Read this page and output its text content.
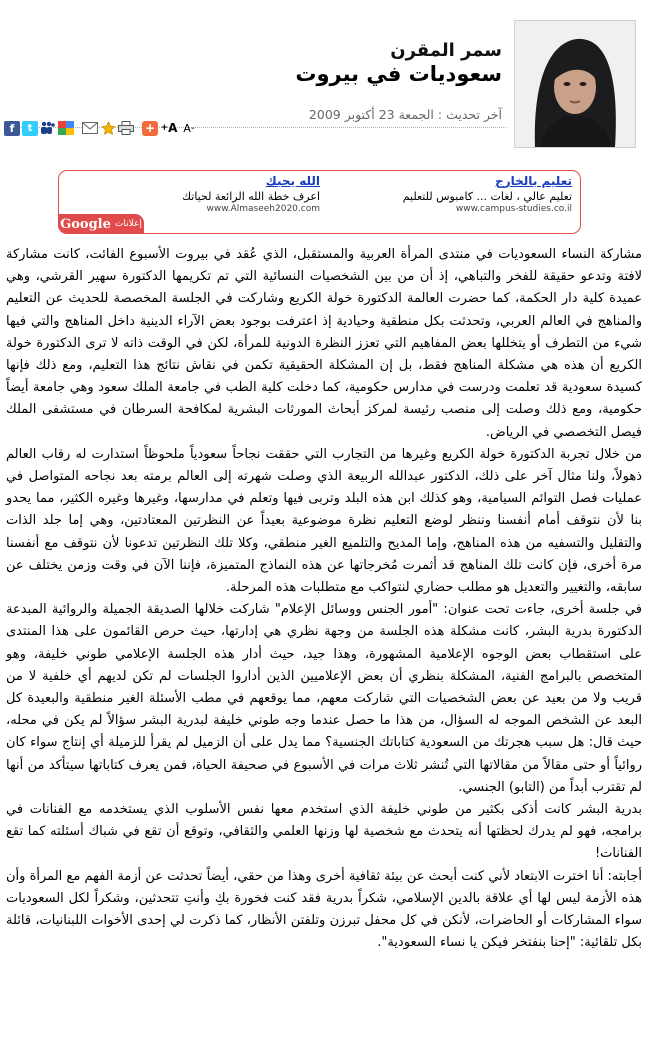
سمر المقرن
سعوديات في بيروت
آخر تحديث : الجمعة 23 أكتوبر 2009
f	t	+ + A A -
تعليم بالخارج
تعليم عالي ، لغات ... كامبوس للتعليم
www.campus-studies.co.il
الله يحبك
اعرف خطة الله الرائعة لحياتك
www.Almaseeh2020.com
Google إعلانات

مشاركة النساء السعوديات في منتدى المرأة العربية والمستقبل، الذي عُقد في بيروت الأسبوع الفائت، كانت مشاركة لافتة وتدعو حقيقة للفخر والتباهي، إذ أن من بين الشخصيات النسائية التي تم تكريمها الدكتورة سهير القرشي، وهي عميدة كلية دار الحكمة، كما حضرت العالمة الدكتورة خولة الكريع وشاركت في الجلسة المخصصة للحديث عن التعليم والمناهج في العالم العربي، وتحدثت بكل منطقية وحيادية إذ اعترفت بوجود بعض الآراء الدينية داخل المناهج والتي فيها شيء من التطرف أو يتخللها بعض المفاهيم التي تعزز النظرة الدونية للمرأة، لكن في الوقت ذاته لا ترى الدكتورة خولة الكريع أن هذه هي مشكلة المناهج فقط، بل إن المشكلة الحقيقية تكمن في نقاش نتائج هذا التعليم، ومع ذلك فإنها كسيدة سعودية قد تعلمت ودرست في مدارس حكومية، كما دخلت كلية الطب في جامعة الملك سعود وهي جامعة أيضاً حكومية، ومع ذلك وصلت إلى منصب رئيسة لمركز أبحاث المورثات البشرية لمكافحة السرطان في مستشفى الملك فيصل التخصصي في الرياض.

من خلال تجربة الدكتورة خولة الكريع وغيرها من التجارب التي حققت نجاحاً سعودياً ملحوظاً استدارت له رقاب العالم ذهولاً، ولنا مثال آخر على ذلك، الدكتور عبدالله الربيعة الذي وصلت شهرته إلى العالم برمته بعد نجاحه المتواصل في عمليات فصل التوائم السيامية، وهو كذلك ابن هذه البلد وتربى فيها وتعلم في مدارسها، وغيرها وغيره الكثير، مما يحدو بنا لأن نتوقف أمام أنفسنا وننظر لوضع التعليم نظرة موضوعية بعيداً عن النظرتين المعتادتين، وهي إما جلد الذات والتقليل والتسفيه من هذه المناهج، وإما المديح والتلميع الغير منطقي، وكلا تلك النظرتين تدعونا لأن نتوقف مع أنفسنا مرة أخرى، فإن كانت تلك المناهج قد أثمرت مُخرجاتها عن هذه النماذج المتميزة، فإننا الآن في وقت وزمن يختلف عن سابقه، والتغيير والتعديل هو مطلب حضاري لنتواكب مع متطلبات هذه المرحلة.

في جلسة أخرى، جاءت تحت عنوان: "أمور الجنس ووسائل الإعلام" شاركت خلالها الصديقة الجميلة والروائية المبدعة الدكتورة بدرية البشر، كانت مشكلة هذه الجلسة من وجهة نظري هي إدارتها، حيث حرص القائمون على هذا المنتدى على استقطاب بعض الوجوه الإعلامية المشهورة، وهذا جيد، حيث أدار هذه الجلسة الإعلامي طوني خليفة، وهو المتخصص بالبرامج الفنية، المشكلة بنظري أن بعض الإعلاميين الذين أداروا الجلسات لم تكن لديهم أي خلفية لا من قريب ولا من بعيد عن بعض الشخصيات التي شاركت معهم، مما يوقعهم في مطب الأسئلة الغير منطقية والبعيدة كل البعد عن الشخص الموجه له السؤال، من هذا ما حصل عندما وجه طوني خليفة لبدرية البشر سؤالاً لم يكن في محله، حيث قال: هل سبب هجرتك من السعودية كتاباتك الجنسية؟ مما يدل على أن الزميل لم يقرأ للزميلة أي إنتاج سواء كان روائياً أو حتى مقالاً من مقالاتها التي تُنشر ثلاث مرات في الأسبوع في صحيفة الحياة، فمن يعرف كتاباتها سيتأكد من أنها لم تقترب أبداً من (التابو) الجنسي.

بدرية البشر كانت أذكى بكثير من طوني خليفة الذي استخدم معها نفس الأسلوب الذي يستخدمه مع الفنانات في برامجه، فهو لم يدرك لحظتها أنه يتحدث مع شخصية لها وزنها العلمي والثقافي، وتوقع أن تقع في شباك أسئلته كما تقع الفنانات!

أجابته: أنا اخترت الابتعاد لأني كنت أبحث عن بيئة ثقافية أخرى وهذا من حقي، أيضاً تحدثت عن أزمة الفهم مع المرأة وأن هذه الأزمة ليس لها أي علاقة بالدين الإسلامي، شكراً بدرية فقد كنت فخورة بكِ وأنتِ تتحدثين، وشكراً لكل السعوديات سواء المشاركات أو الحاضرات، لأنكن في كل محفل تبرزن وتلفتن الأنظار، كما ذكرت لي إحدى الأخوات اللبنانيات، قائلة بكل تلقائية: "إحنا بنفتخر فيكن يا نساء السعودية".
